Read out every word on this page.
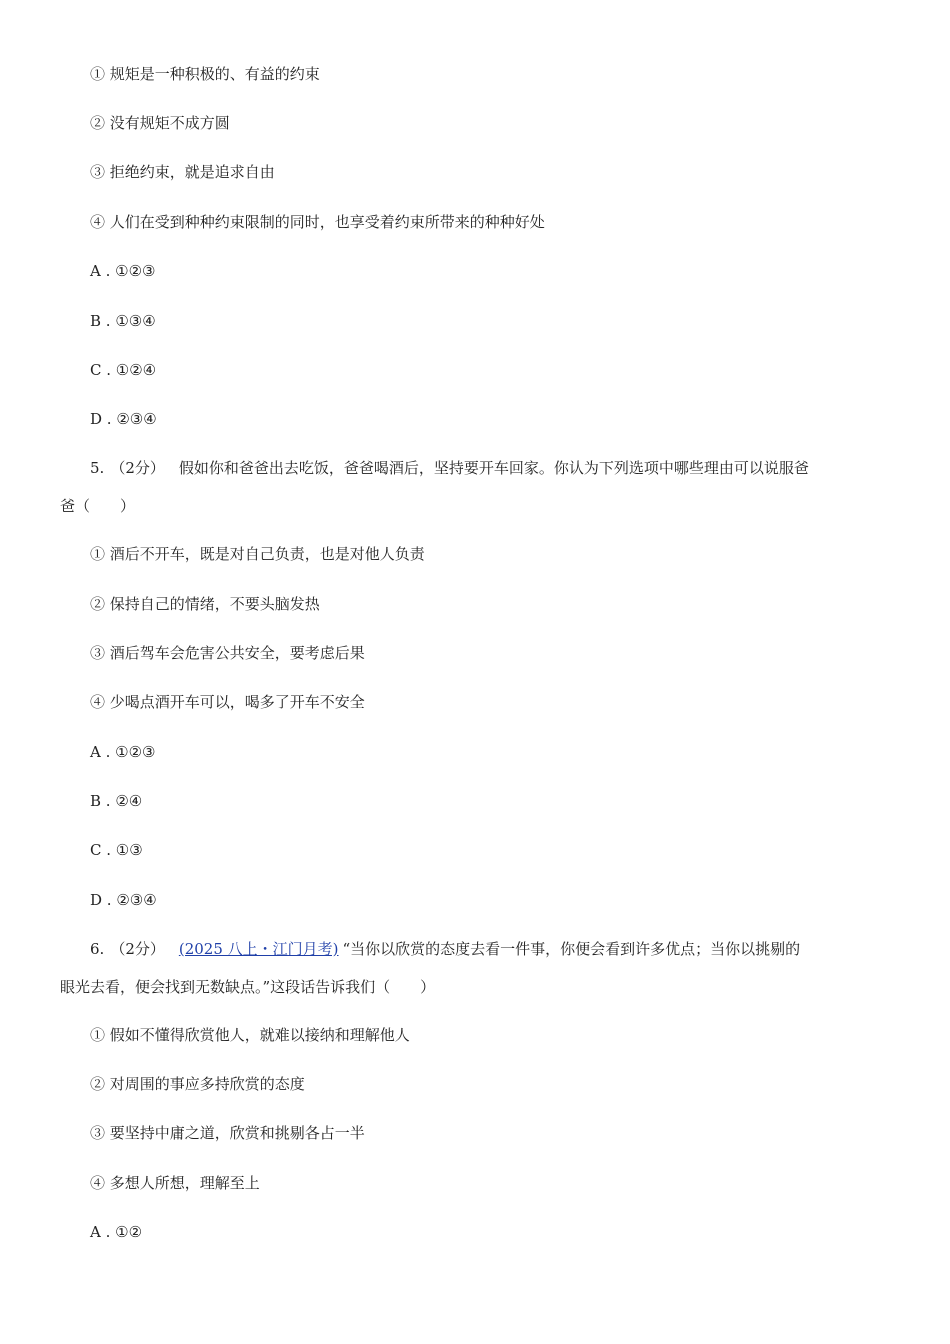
① 规矩是一种积极的、有益的约束
② 没有规矩不成方圆
③ 拒绝约束，就是追求自由
④ 人们在受到种种约束限制的同时，也享受着约束所带来的种种好处
A . ①②③
B . ①③④
C . ①②④
D . ②③④
5. （2分） 假如你和爸爸出去吃饭，爸爸喝酒后，坚持要开车回家。你认为下列选项中哪些理由可以说服爸
爸（　　）
① 酒后不开车，既是对自己负责，也是对他人负责
② 保持自己的情绪，不要头脑发热
③ 酒后驾车会危害公共安全，要考虑后果
④ 少喝点酒开车可以，喝多了开车不安全
A . ①②③
B . ②④
C . ①③
D . ②③④
6. （2分） (2025 八上・江门月考) “当你以欣赏的态度去看一件事，你便会看到许多优点；当你以挑剔的
眼光去看，便会找到无数缺点。”这段话告诉我们（　　）
① 假如不懂得欣赏他人，就难以接纳和理解他人
② 对周围的事应多持欣赏的态度
③ 要坚持中庸之道，欣赏和挑剔各占一半
④ 多想人所想，理解至上
A . ①②
